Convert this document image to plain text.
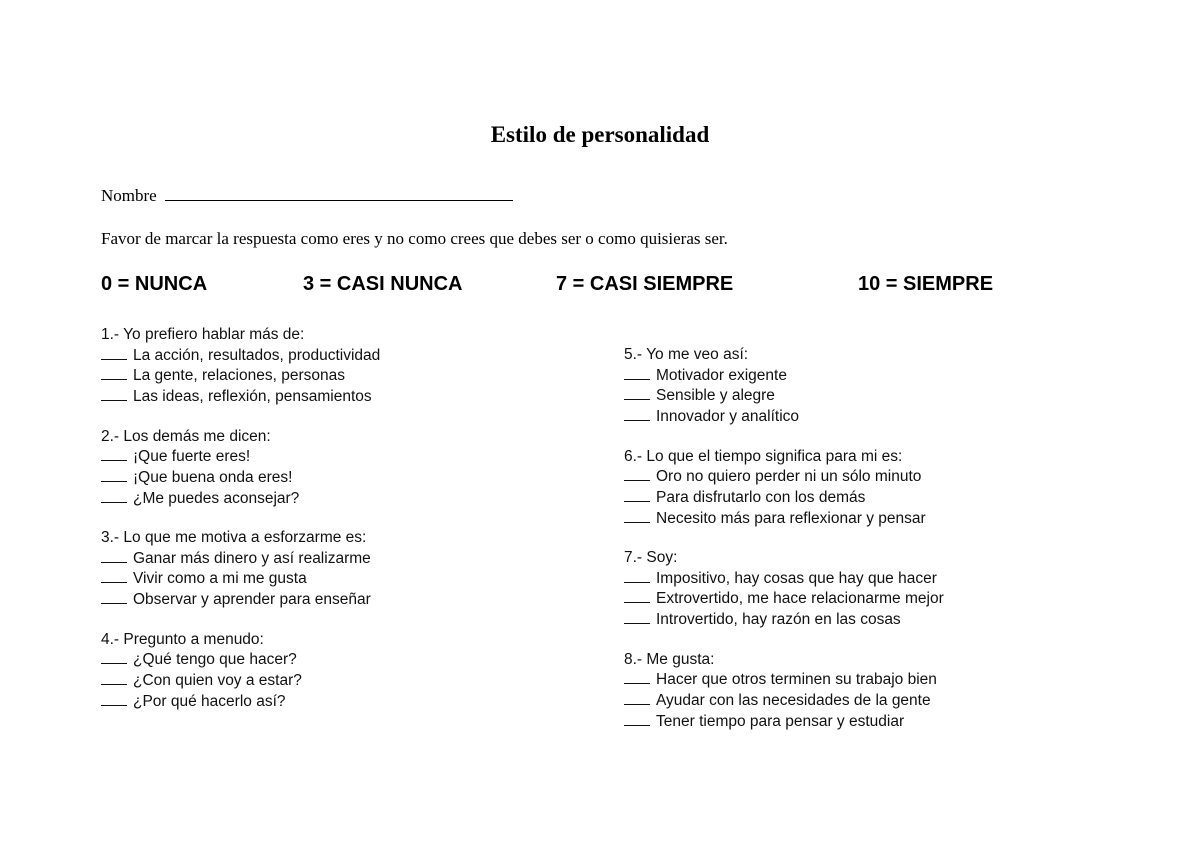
Estilo de personalidad
Nombre
Favor de marcar la respuesta como eres y no como crees que debes ser o como quisieras ser.
0 = NUNCA	3 = CASI NUNCA	7 = CASI SIEMPRE	10 = SIEMPRE
1.- Yo prefiero hablar más de:
La acción, resultados, productividad
La gente, relaciones, personas
Las ideas, reflexión, pensamientos
2.- Los demás me dicen:
¡Que fuerte eres!
¡Que buena onda eres!
¿Me puedes aconsejar?
3.- Lo que me motiva a esforzarme es:
Ganar más dinero y así realizarme
Vivir como a mi me gusta
Observar y aprender para enseñar
4.- Pregunto a menudo:
¿Qué tengo que hacer?
¿Con quien voy a estar?
¿Por qué hacerlo así?
5.- Yo me veo así:
Motivador exigente
Sensible y alegre
Innovador y analítico
6.- Lo que el tiempo significa para mi es:
Oro no quiero perder ni un sólo minuto
Para disfrutarlo con los demás
Necesito más para reflexionar y pensar
7.- Soy:
Impositivo, hay cosas que hay que hacer
Extrovertido, me hace relacionarme mejor
Introvertido, hay razón en las cosas
8.- Me gusta:
Hacer que otros terminen su trabajo bien
Ayudar con las necesidades de la gente
Tener tiempo para pensar y estudiar
